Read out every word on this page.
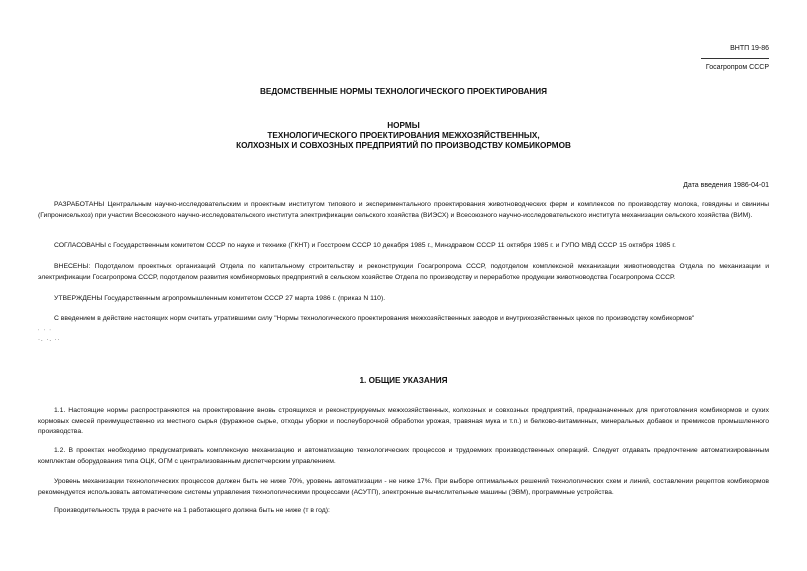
ВНТП 19-86
Госагропром СССР
ВЕДОМСТВЕННЫЕ НОРМЫ ТЕХНОЛОГИЧЕСКОГО ПРОЕКТИРОВАНИЯ
НОРМЫ
ТЕХНОЛОГИЧЕСКОГО ПРОЕКТИРОВАНИЯ МЕЖХОЗЯЙСТВЕННЫХ,
КОЛХОЗНЫХ И СОВХОЗНЫХ ПРЕДПРИЯТИЙ ПО ПРОИЗВОДСТВУ КОМБИКОРМОВ
Дата введения 1986-04-01
РАЗРАБОТАНЫ Центральным научно-исследовательским и проектным институтом типового и экспериментального проектирования животноводческих ферм и комплексов по производству молока, говядины и свинины (Гипронисельхоз) при участии Всесоюзного научно-исследовательского института электрификации сельского хозяйства (ВИЭСХ) и Всесоюзного научно-исследовательского института механизации сельского хозяйства (ВИМ).
СОГЛАСОВАНЫ с Государственным комитетом СССР по науке и технике (ГКНТ) и Госстроем СССР 10 декабря 1985 г., Минздравом СССР 11 октября 1985 г. и ГУПО МВД СССР 15 октября 1985 г.
ВНЕСЕНЫ: Подотделом проектных организаций Отдела по капитальному строительству и реконструкции Госагропрома СССР, подотделом комплексной механизации животноводства Отдела по механизации и электрификации Госагропрома СССР, подотделом развития комбикормовых предприятий в сельском хозяйстве Отдела по производству и переработке продукции животноводства Госагропрома СССР.
УТВЕРЖДЕНЫ Государственным агропромышленным комитетом СССР 27 марта 1986 г. (приказ N 110).
С введением в действие настоящих норм считать утратившими силу "Нормы технологического проектирования межхозяйственных заводов и внутрихозяйственных цехов по производству комбикормов"
˙ ˙ ˙
·. ·. ··
1. ОБЩИЕ УКАЗАНИЯ
1.1. Настоящие нормы распространяются на проектирование вновь строящихся и реконструируемых межхозяйственных, колхозных и совхозных предприятий, предназначенных для приготовления комбикормов и сухих кормовых смесей преимущественно из местного сырья (фуражное сырье, отходы уборки и послеуборочной обработки урожая, травяная мука и т.п.) и белково-витаминных, минеральных добавок и премиксов промышленного производства.
1.2. В проектах необходимо предусматривать комплексную механизацию и автоматизацию технологических процессов и трудоемких производственных операций. Следует отдавать предпочтение автоматизированным комплектам оборудования типа ОЦК, ОГМ с централизованным диспетчерским управлением.
Уровень механизации технологических процессов должен быть не ниже 70%, уровень автоматизации - не ниже 17%. При выборе оптимальных решений технологических схем и линий, составлении рецептов комбикормов рекомендуется использовать автоматические системы управления технологическими процессами (АСУТП), электронные вычислительные машины (ЭВМ), программные устройства.
Производительность труда в расчете на 1 работающего должна быть не ниже (т в год):
